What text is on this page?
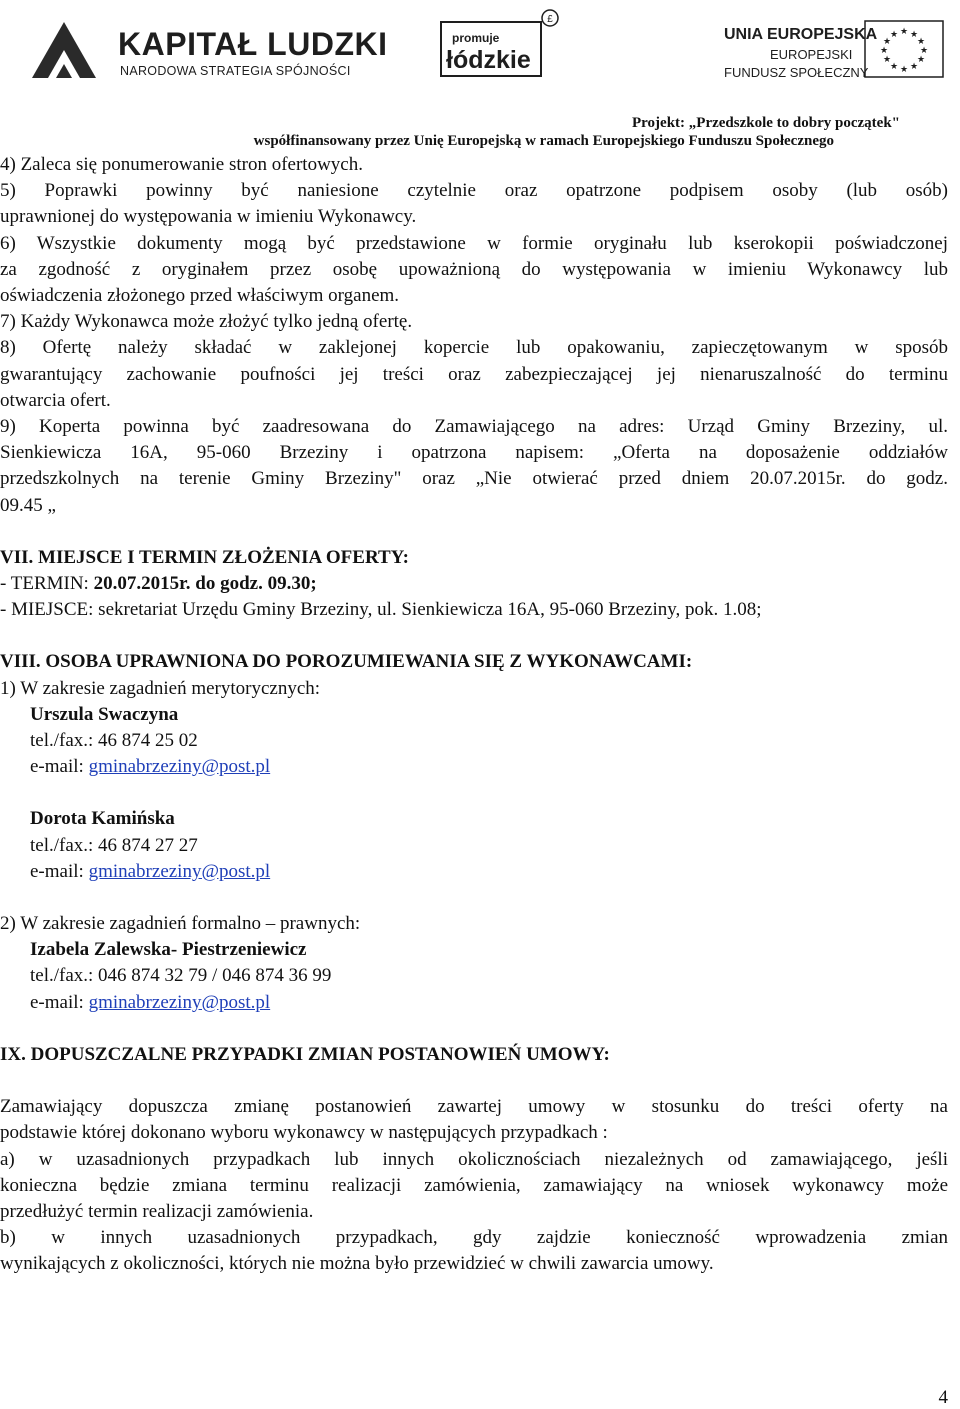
KAPITAŁ LUDZKI
NARODOWA STRATEGIA SPÓJNOŚCI
£
promuje
łódzkie
UNIA EUROPEJSKA
EUROPEJSKI
FUNDUSZ SPOŁECZNY
★ ★
★
★
★
★
★
★
★
★
★
★
Projekt: „Przedszkole to dobry początek"
współfinansowany przez Unię Europejską w ramach Europejskiego Funduszu Społecznego
4) Zaleca się ponumerowanie stron ofertowych.
5) Poprawki powinny być naniesione czytelnie oraz opatrzone podpisem osoby (lub osób)
uprawnionej do występowania w imieniu Wykonawcy.
6) Wszystkie dokumenty mogą być przedstawione w formie oryginału lub kserokopii poświadczonej
za zgodność z oryginałem przez osobę upoważnioną do występowania w imieniu Wykonawcy lub
oświadczenia złożonego przed właściwym organem.
7) Każdy Wykonawca może złożyć tylko jedną ofertę.
8) Ofertę należy składać w zaklejonej kopercie lub opakowaniu, zapieczętowanym w sposób
gwarantujący zachowanie poufności jej treści oraz zabezpieczającej jej nienaruszalność do terminu
otwarcia ofert.
9) Koperta powinna być zaadresowana do Zamawiającego na adres: Urząd Gminy Brzeziny, ul.
Sienkiewicza 16A, 95-060 Brzeziny i opatrzona napisem: „Oferta na doposażenie oddziałów
przedszkolnych na terenie Gminy Brzeziny" oraz „Nie otwierać przed dniem 20.07.2015r. do godz.
09.45 „
VII. MIEJSCE I TERMIN ZŁOŻENIA OFERTY:
- TERMIN: 20.07.2015r. do godz. 09.30;
- MIEJSCE: sekretariat Urzędu Gminy Brzeziny, ul. Sienkiewicza 16A, 95-060 Brzeziny, pok. 1.08;
VIII. OSOBA UPRAWNIONA DO POROZUMIEWANIA SIĘ Z WYKONAWCAMI:
1) W zakresie zagadnień merytorycznych:
Urszula Swaczyna
tel./fax.: 46 874 25 02
e-mail: gminabrzeziny@post.pl
Dorota Kamińska
tel./fax.: 46 874 27 27
e-mail: gminabrzeziny@post.pl
2) W zakresie zagadnień formalno – prawnych:
Izabela Zalewska- Piestrzeniewicz
tel./fax.: 046 874 32 79 / 046 874 36 99
e-mail: gminabrzeziny@post.pl
IX. DOPUSZCZALNE PRZYPADKI ZMIAN POSTANOWIEŃ UMOWY:
Zamawiający dopuszcza zmianę postanowień zawartej umowy w stosunku do treści oferty na
podstawie której dokonano wyboru wykonawcy w następujących przypadkach :
a) w uzasadnionych przypadkach lub innych okolicznościach niezależnych od zamawiającego, jeśli
konieczna będzie zmiana terminu realizacji zamówienia, zamawiający na wniosek wykonawcy może
przedłużyć termin realizacji zamówienia.
b) w innych uzasadnionych przypadkach, gdy zajdzie konieczność wprowadzenia zmian
wynikających z okoliczności, których nie można było przewidzieć w chwili zawarcia umowy.
4
